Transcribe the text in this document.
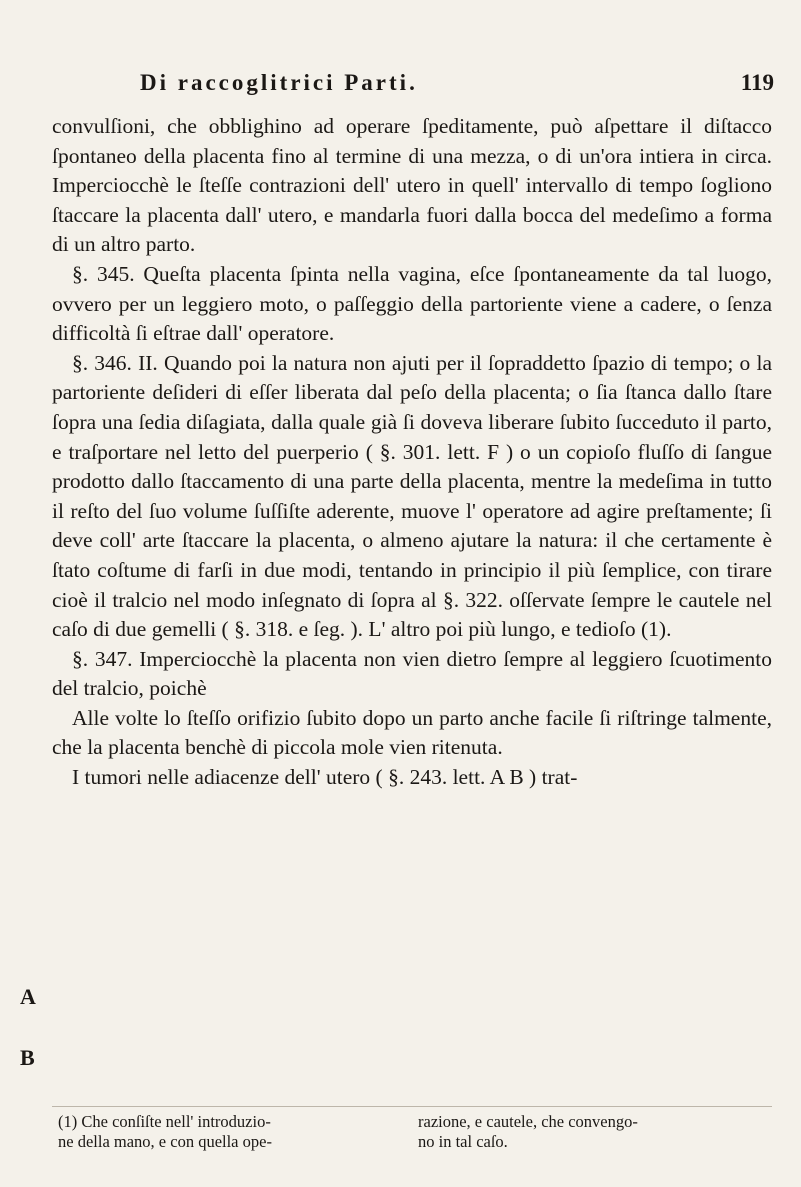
Di raccoglitrici Parti.	119

convulſioni, che obblighino ad operare ſpeditamente, può aſpettare il diſtacco ſpontaneo della placenta fino al termine di una mezza, o di un'ora intiera in circa. Imperciocchè le ſteſſe contrazioni dell' utero in quell' intervallo di tempo ſogliono ſtaccare la placenta dall' utero, e mandarla fuori dalla bocca del medeſimo a forma di un altro parto.

§. 345. Queſta placenta ſpinta nella vagina, eſce ſpontaneamente da tal luogo, ovvero per un leggiero moto, o paſſeggio della partoriente viene a cadere, o ſenza difficoltà ſi eſtrae dall' operatore.

§. 346. II. Quando poi la natura non ajuti per il ſopraddetto ſpazio di tempo; o la partoriente deſideri di eſſer liberata dal peſo della placenta; o ſia ſtanca dallo ſtare ſopra una ſedia diſagiata, dalla quale già ſi doveva liberare ſubito ſucceduto il parto, e traſportare nel letto del puerperio ( §. 301. lett. F ) o un copioſo fluſſo di ſangue prodotto dallo ſtaccamento di una parte della placenta, mentre la medeſima in tutto il reſto del ſuo volume ſuſſiſte aderente, muove l' operatore ad agire preſtamente; ſi deve coll' arte ſtaccare la placenta, o almeno ajutare la natura: il che certamente è ſtato coſtume di farſi in due modi, tentando in principio il più ſemplice, con tirare cioè il tralcio nel modo inſegnato di ſopra al §. 322. oſſervate ſempre le cautele nel caſo di due gemelli ( §. 318. e ſeg. ). L' altro poi più lungo, e tedioſo (1).

§. 347. Imperciocchè la placenta non vien dietro ſempre al leggiero ſcuotimento del tralcio, poichè

Alle volte lo ſteſſo orifizio ſubito dopo un parto anche facile ſi riſtringe talmente, che la placenta benchè di piccola mole vien ritenuta.

I tumori nelle adiacenze dell' utero ( §. 243. lett. A B ) trat-

A
B
(1) Che conſiſte nell' introduzio-
ne della mano, e con quella ope-
razione, e cautele, che convengo-
no in tal caſo.
